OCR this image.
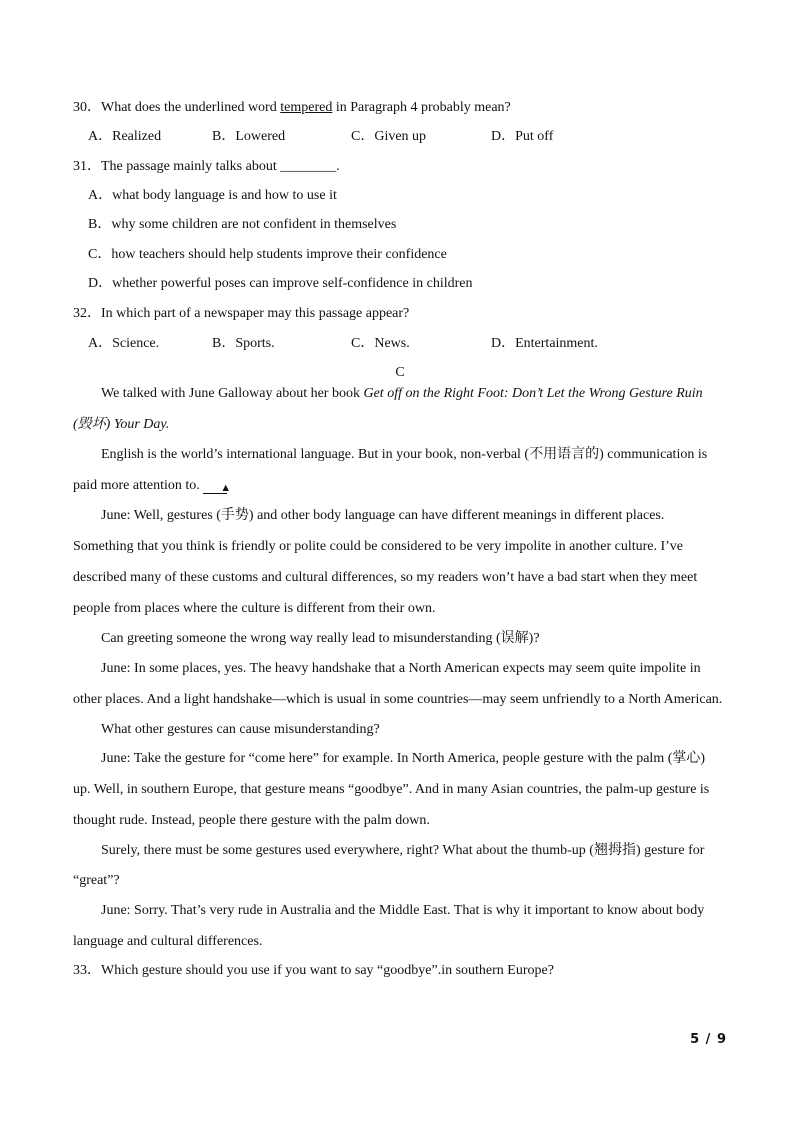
30．What does the underlined word tempered in Paragraph 4 probably mean?
A．Realized	B．Lowered	C．Given up	D．Put off
31．The passage mainly talks about ________.
A．what body language is and how to use it
B．why some children are not confident in themselves
C．how teachers should help students improve their confidence
D．whether powerful poses can improve self-confidence in children
32．In which part of a newspaper may this passage appear?
A．Science.	B．Sports.	C．News.	D．Entertainment.
C
We talked with June Galloway about her book Get off on the Right Foot: Don’t Let the Wrong Gesture Ruin
(毁坏) Your Day.
English is the world’s international language. But in your book, non-verbal (不用语言的) communication is
paid more attention to. ▲
June: Well, gestures (手势) and other body language can have different meanings in different places.
Something that you think is friendly or polite could be considered to be very impolite in another culture. I’ve
described many of these customs and cultural differences, so my readers won’t have a bad start when they meet
people from places where the culture is different from their own.
Can greeting someone the wrong way really lead to misunderstanding (误解)?
June: In some places, yes. The heavy handshake that a North American expects may seem quite impolite in
other places. And a light handshake—which is usual in some countries—may seem unfriendly to a North American.
What other gestures can cause misunderstanding?
June: Take the gesture for “come here” for example. In North America, people gesture with the palm (掌心)
up. Well, in southern Europe, that gesture means “goodbye”. And in many Asian countries, the palm-up gesture is
thought rude. Instead, people there gesture with the palm down.
Surely, there must be some gestures used everywhere, right? What about the thumb-up (翘拇指) gesture for
“great”?
June: Sorry. That’s very rude in Australia and the Middle East. That is why it important to know about body
language and cultural differences.
33．Which gesture should you use if you want to say “goodbye”.in southern Europe?
5 / 9
